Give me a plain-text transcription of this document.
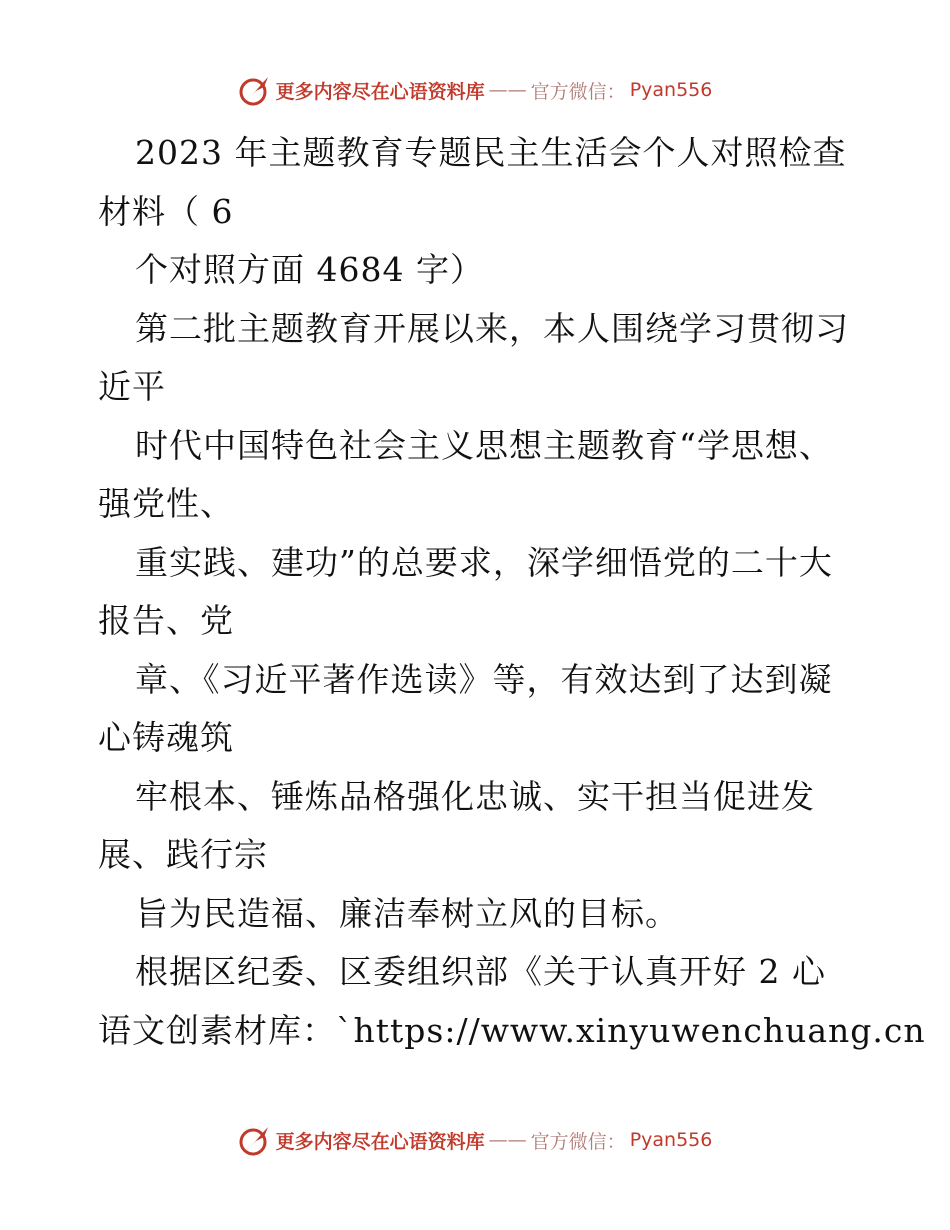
更多内容尽在心语资料库 —— 官方微信： Pyan556
2023 年主题教育专题民主生活会个人对照检查
材料（ 6
个对照方面 4684 字）
第二批主题教育开展以来，本人围绕学习贯彻习
近平
时代中国特色社会主义思想主题教育“学思想、
强党性、
重实践、建功”的总要求，深学细悟党的二十大
报告、党
章、《习近平著作选读》等，有效达到了达到凝
心铸魂筑
牢根本、锤炼品格强化忠诚、实干担当促进发
展、践行宗
旨为民造福、廉洁奉树立风的目标。
根据区纪委、区委组织部《关于认真开好 2 心
语文创素材库：`https://www.xinyuwenchuang.cn
更多内容尽在心语资料库 —— 官方微信： Pyan556
